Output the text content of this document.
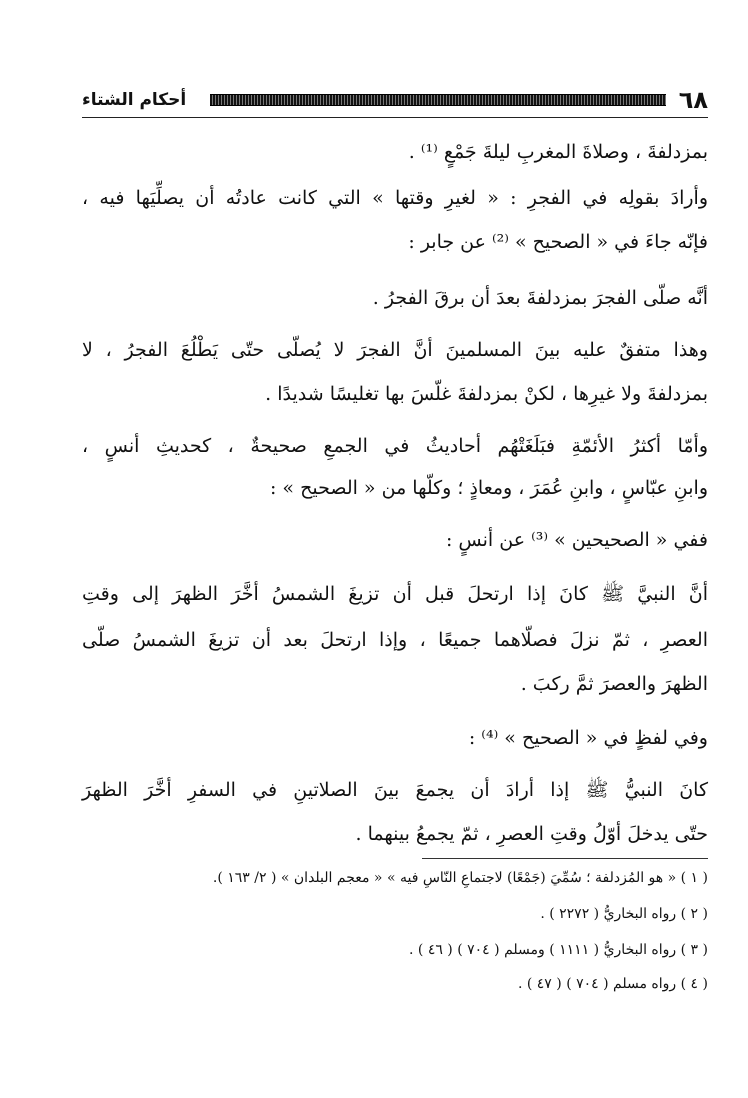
٦٨
أحكام الشتاء
بمزدلفةَ ، وصلاةَ المغربِ ليلةَ جَمْعٍ ⁽¹⁾ .
وأرادَ بقولِه في الفجرِ : « لغيرِ وقتها » التي كانت عادتُه أن يصلِّيَها فيه ،
فإنّه جاءَ في « الصحيح » ⁽²⁾ عن جابر :
أنَّه صلّى الفجرَ بمزدلفةَ بعدَ أن برقَ الفجرُ .
وهذا متفقٌ عليه بينَ المسلمينَ أنَّ الفجرَ لا يُصلّى حتّى يَطْلُعَ الفجرُ ، لا
بمزدلفةَ ولا غيرِها ، لكنْ بمزدلفةَ غلّسَ بها تغليسًا شديدًا .
وأمّا أكثرُ الأئمّةِ فبَلَغَتْهُم أحاديثُ في الجمعِ صحيحةٌ ، كحديثِ أنسٍ ،
وابنِ عبّاسٍ ، وابنِ عُمَرَ ، ومعاذٍ ؛ وكلّها من « الصحيح » :
ففي « الصحيحين » ⁽³⁾ عن أنسٍ :
أنَّ النبيَّ ﷺ كانَ إذا ارتحلَ قبل أن تزيغَ الشمسُ أخَّرَ الظهرَ إلى وقتِ
العصرِ ، ثمّ نزلَ فصلّاهما جميعًا ، وإذا ارتحلَ بعد أن تزيغَ الشمسُ صلّى
الظهرَ والعصرَ ثمَّ ركبَ .
وفي لفظٍ في « الصحيح » ⁽⁴⁾ :
كانَ النبيُّ ﷺ إذا أرادَ أن يجمعَ بينَ الصلاتينِ في السفرِ أخَّرَ الظهرَ
حتّى يدخلَ أوّلُ وقتِ العصرِ ، ثمّ يجمعُ بينهما .
( ١ ) « هو المُزدلفة ؛ سُمِّيَ (جَمْعًا) لاجتماعِ النّاسِ فيه » « معجم البلدان » ( ٢/ ١٦٣ ).
( ٢ ) رواه البخاريُّ ( ٢٢٧٢ ) .
( ٣ ) رواه البخاريُّ ( ١١١١ ) ومسلم ( ٧٠٤ ) ( ٤٦ ) .
( ٤ ) رواه مسلم ( ٧٠٤ ) ( ٤٧ ) .
